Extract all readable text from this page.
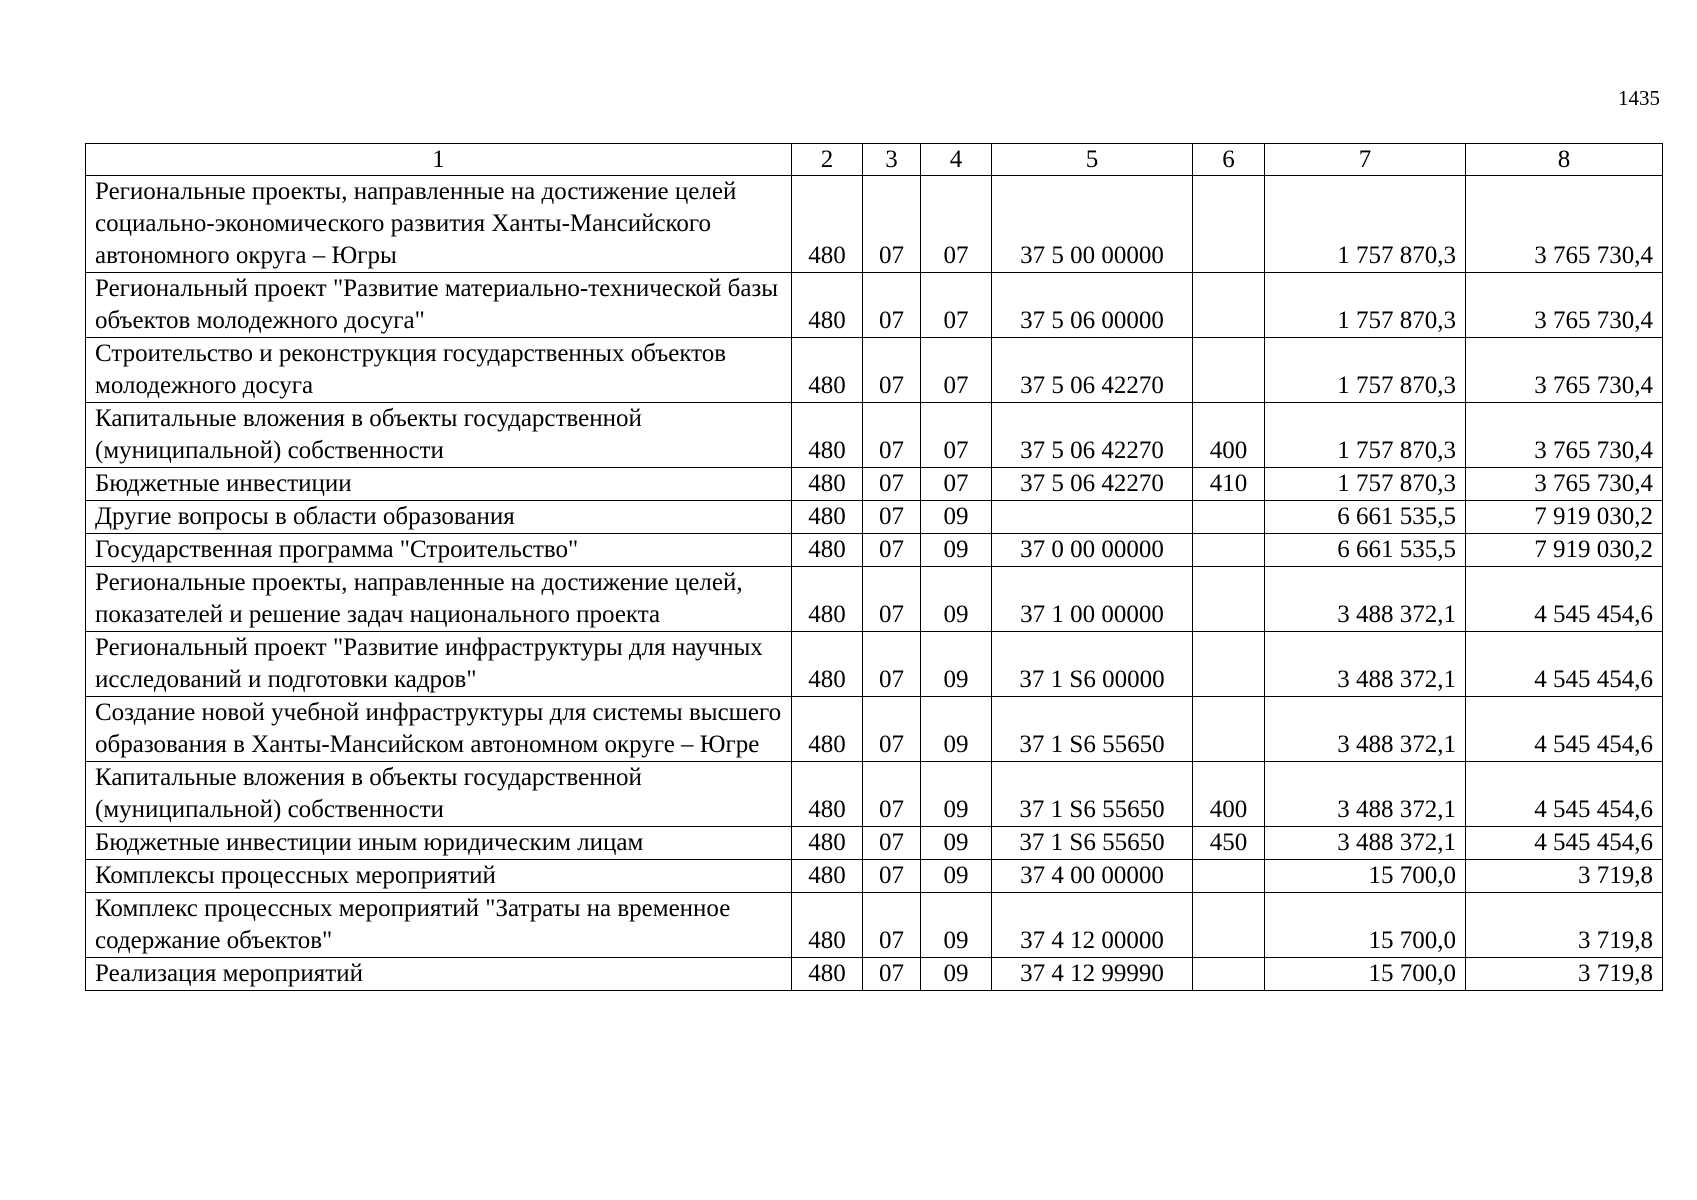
1435
1	2	3	4	5	6	7	8
Региональные проекты, направленные на достижение целей социально-экономического развития Ханты-Мансийского автономного округа – Югры	480	07	07	37 5 00 00000		1 757 870,3	3 765 730,4
Региональный проект "Развитие материально-технической базы объектов молодежного досуга"	480	07	07	37 5 06 00000		1 757 870,3	3 765 730,4
Строительство и реконструкция государственных объектов молодежного досуга	480	07	07	37 5 06 42270		1 757 870,3	3 765 730,4
Капитальные вложения в объекты государственной (муниципальной) собственности	480	07	07	37 5 06 42270	400	1 757 870,3	3 765 730,4
Бюджетные инвестиции	480	07	07	37 5 06 42270	410	1 757 870,3	3 765 730,4
Другие вопросы в области образования	480	07	09			6 661 535,5	7 919 030,2
Государственная программа "Строительство"	480	07	09	37 0 00 00000		6 661 535,5	7 919 030,2
Региональные проекты, направленные на достижение целей, показателей и решение задач национального проекта	480	07	09	37 1 00 00000		3 488 372,1	4 545 454,6
Региональный проект "Развитие инфраструктуры для научных исследований и подготовки кадров"	480	07	09	37 1 S6 00000		3 488 372,1	4 545 454,6
Создание новой учебной инфраструктуры для системы высшего образования в Ханты-Мансийском автономном округе – Югре	480	07	09	37 1 S6 55650		3 488 372,1	4 545 454,6
Капитальные вложения в объекты государственной (муниципальной) собственности	480	07	09	37 1 S6 55650	400	3 488 372,1	4 545 454,6
Бюджетные инвестиции иным юридическим лицам	480	07	09	37 1 S6 55650	450	3 488 372,1	4 545 454,6
Комплексы процессных мероприятий	480	07	09	37 4 00 00000		15 700,0	3 719,8
Комплекс процессных мероприятий "Затраты на временное содержание объектов"	480	07	09	37 4 12 00000		15 700,0	3 719,8
Реализация мероприятий	480	07	09	37 4 12 99990		15 700,0	3 719,8
